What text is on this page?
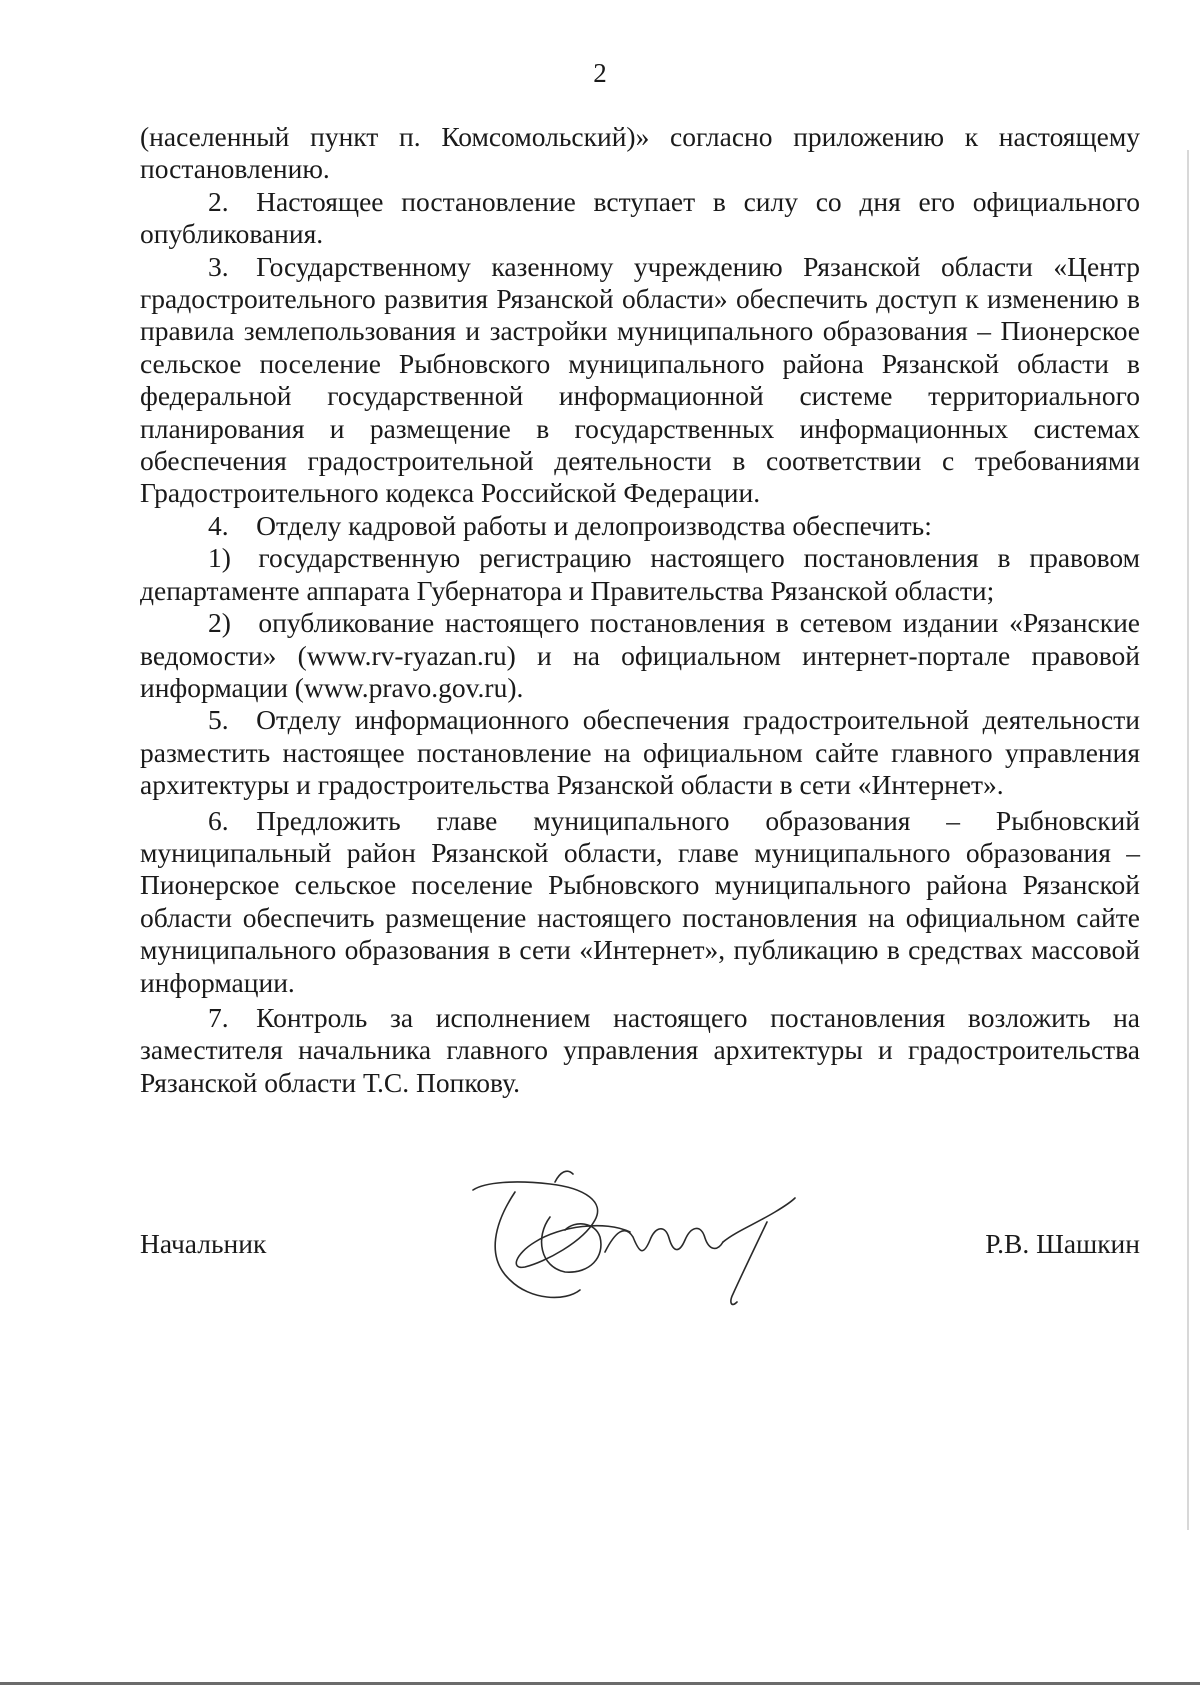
2

(населенный пункт п. Комсомольский)» согласно приложению к настоящему постановлению.

2. Настоящее постановление вступает в силу со дня его официального опубликования.

3. Государственному казенному учреждению Рязанской области «Центр градостроительного развития Рязанской области» обеспечить доступ к изменению в правила землепользования и застройки муниципального образования – Пионерское сельское поселение Рыбновского муниципального района Рязанской области в федеральной государственной информационной системе территориального планирования и размещение в государственных информационных системах обеспечения градостроительной деятельности в соответствии с требованиями Градостроительного кодекса Российской Федерации.

4. Отделу кадровой работы и делопроизводства обеспечить:

1) государственную регистрацию настоящего постановления в правовом департаменте аппарата Губернатора и Правительства Рязанской области;

2) опубликование настоящего постановления в сетевом издании «Рязанские ведомости» (www.rv-ryazan.ru) и на официальном интернет-портале правовой информации (www.pravo.gov.ru).

5. Отделу информационного обеспечения градостроительной деятельности разместить настоящее постановление на официальном сайте главного управления архитектуры и градостроительства Рязанской области в сети «Интернет».

6. Предложить главе муниципального образования – Рыбновский муниципальный район Рязанской области, главе муниципального образования – Пионерское сельское поселение Рыбновского муниципального района Рязанской области обеспечить размещение настоящего постановления на официальном сайте муниципального образования в сети «Интернет», публикацию в средствах массовой информации.

7. Контроль за исполнением настоящего постановления возложить на заместителя начальника главного управления архитектуры и градостроительства Рязанской области Т.С. Попкову.

Начальник	Р.В. Шашкин
